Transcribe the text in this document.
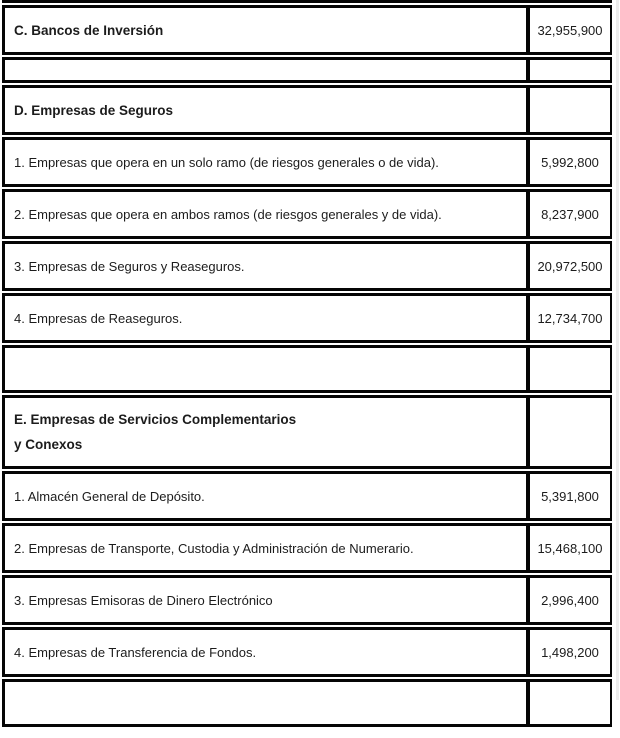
C. Bancos de Inversión	32,955,900

D. Empresas de Seguros	
1. Empresas que opera en un solo ramo (de riesgos generales o de vida).	5,992,800
2. Empresas que opera en ambos ramos (de riesgos generales y de vida).	8,237,900
3. Empresas de Seguros y Reaseguros.	20,972,500
4. Empresas de Reaseguros.	12,734,700

E. Empresas de Servicios Complementarios
y Conexos	

1. Almacén General de Depósito.	5,391,800
2. Empresas de Transporte, Custodia y Administración de Numerario.	15,468,100
3. Empresas Emisoras de Dinero Electrónico	2,996,400
4. Empresas de Transferencia de Fondos.	1,498,200
